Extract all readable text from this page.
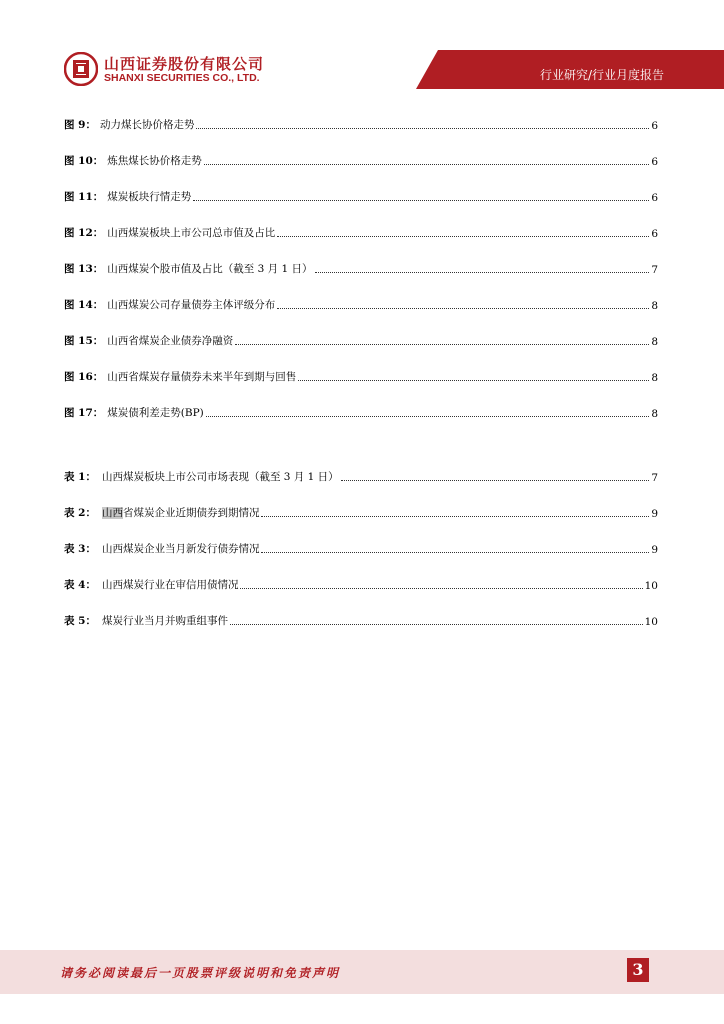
山西证券股份有限公司
SHANXI SECURITIES CO., LTD.	行业研究/行业月度报告
图 9： 动力煤长协价格走势	6
图 10： 炼焦煤长协价格走势	6
图 11： 煤炭板块行情走势	6
图 12： 山西煤炭板块上市公司总市值及占比	6
图 13： 山西煤炭个股市值及占比（截至 3 月 1 日）	7
图 14： 山西煤炭公司存量债券主体评级分布	8
图 15： 山西省煤炭企业债券净融资	8
图 16： 山西省煤炭存量债券未来半年到期与回售	8
图 17： 煤炭债利差走势(BP)	8
表 1： 山西煤炭板块上市公司市场表现（截至 3 月 1 日）	7
表 2： 山西省煤炭企业近期债券到期情况	9
表 3： 山西煤炭企业当月新发行债券情况	9
表 4： 山西煤炭行业在审信用债情况	10
表 5： 煤炭行业当月并购重组事件	10
请务必阅读最后一页股票评级说明和免责声明	3
